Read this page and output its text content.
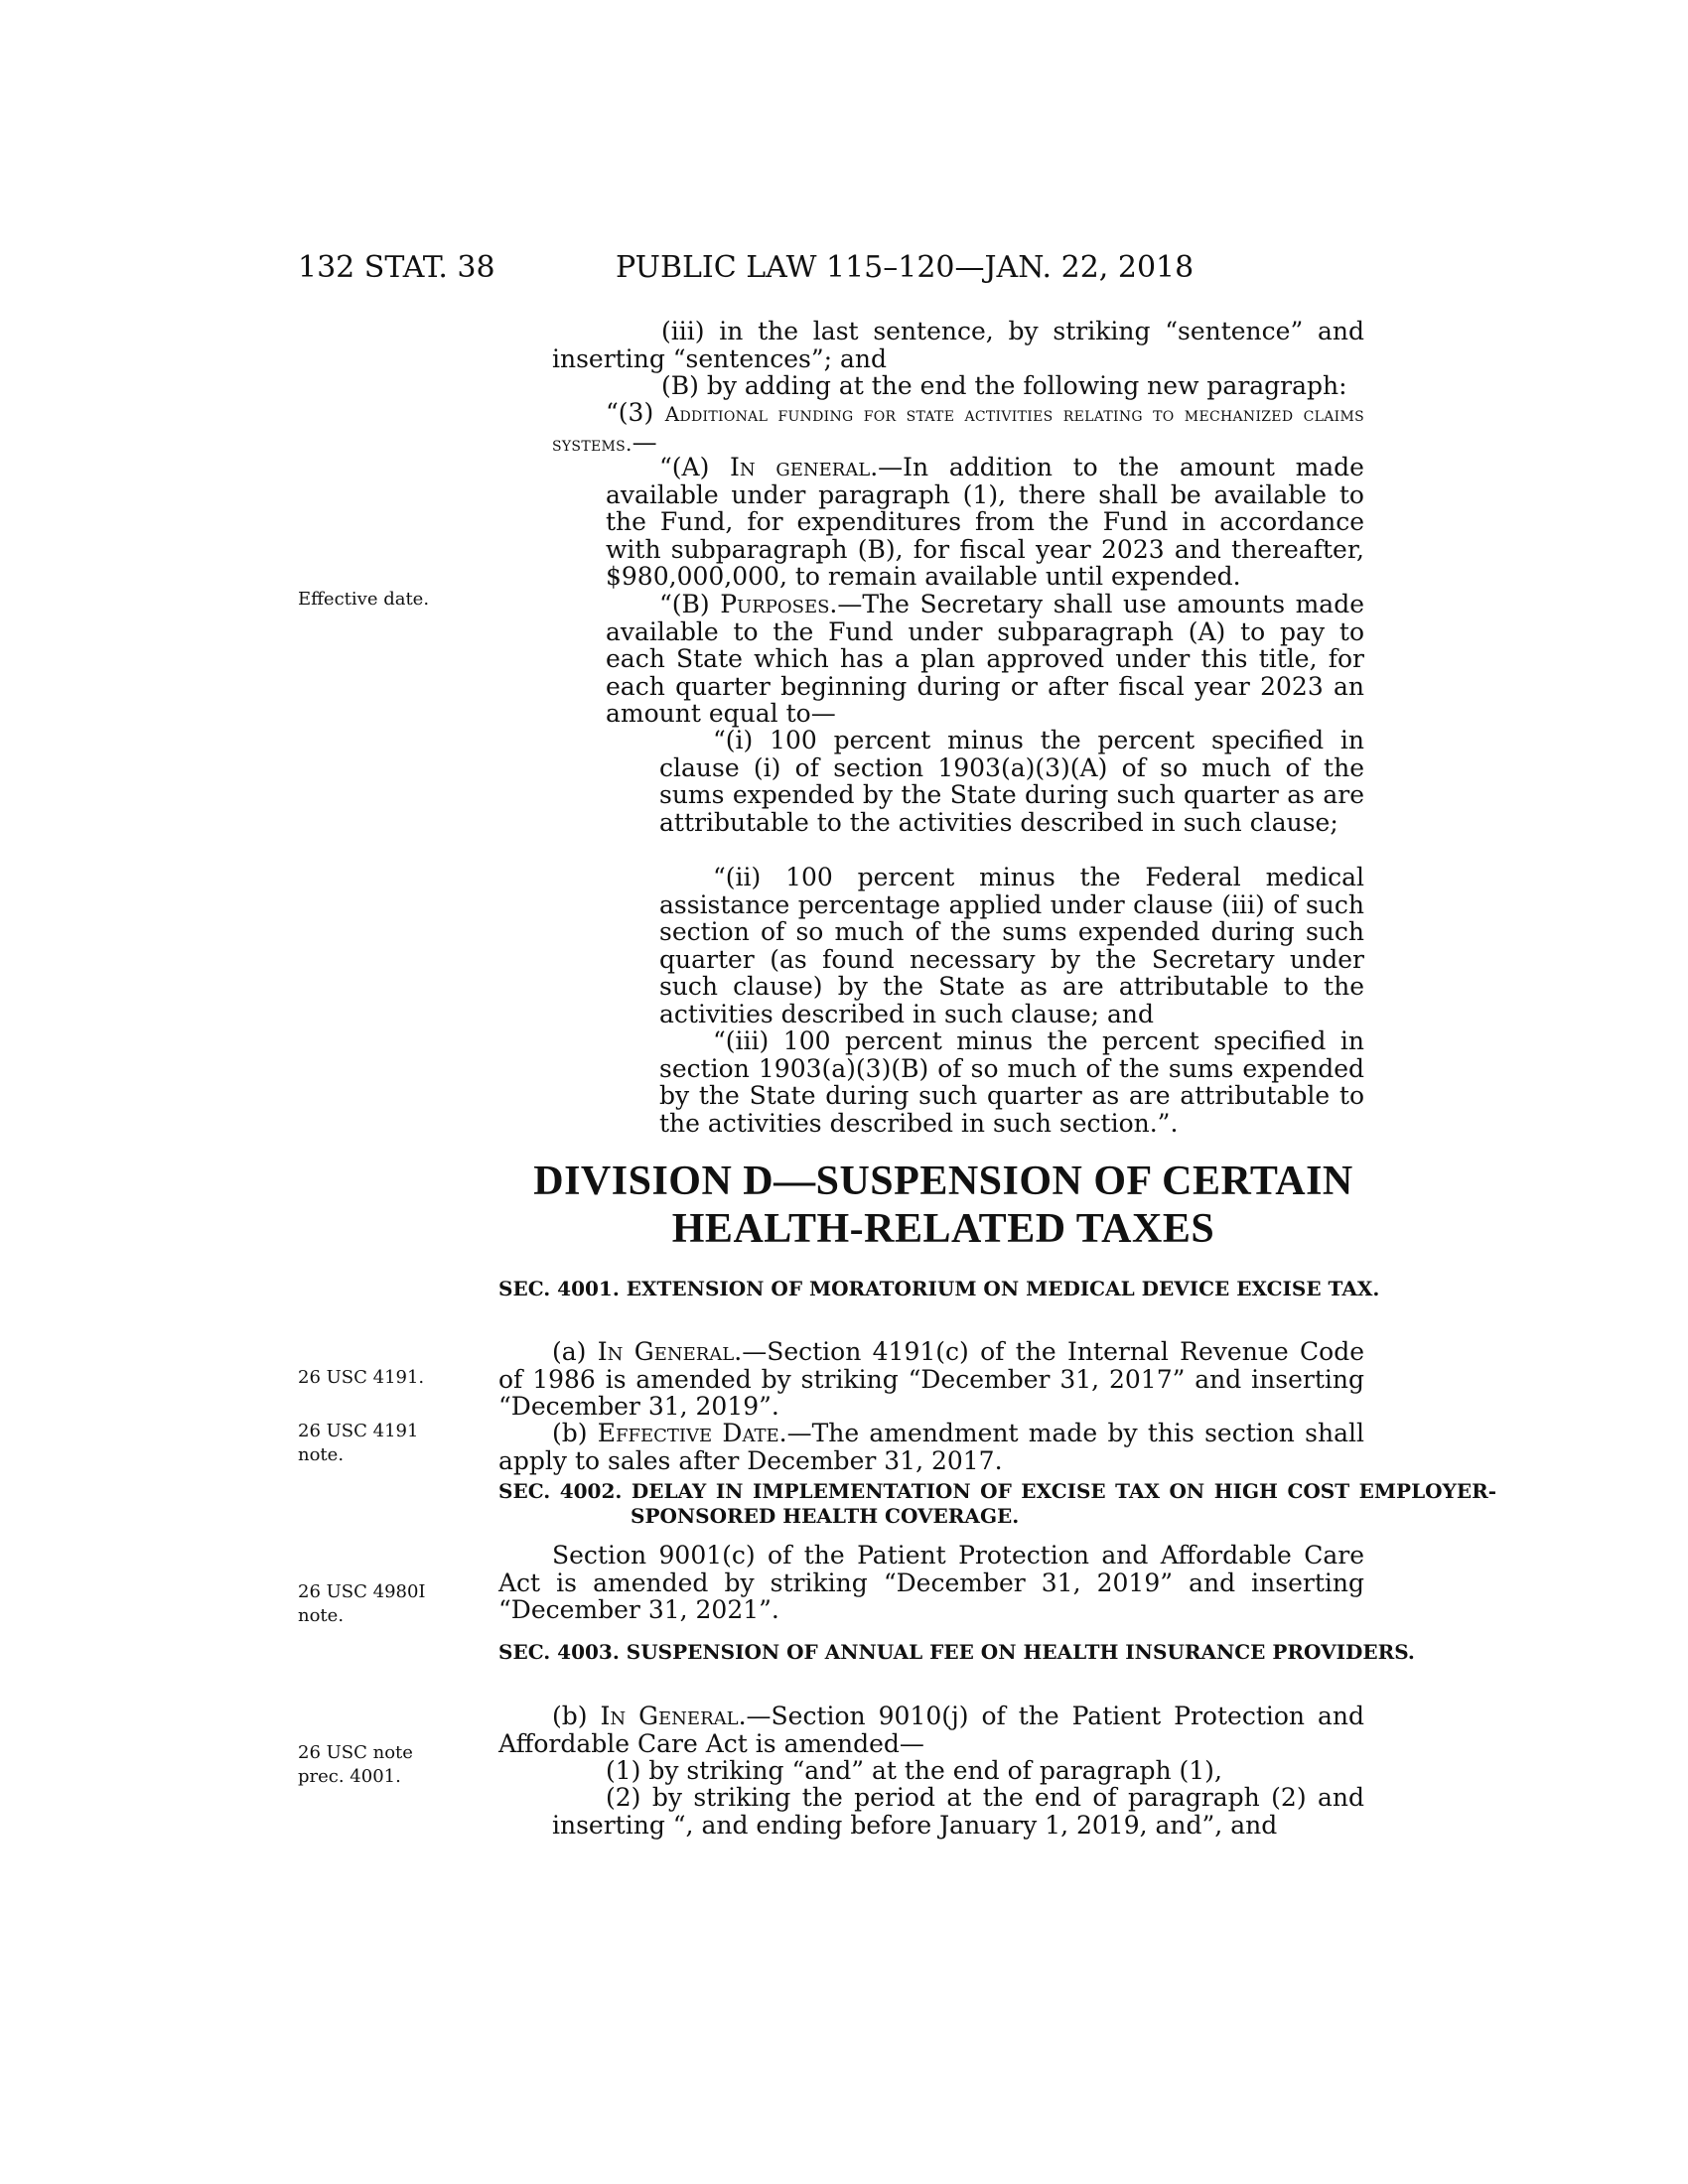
132 STAT. 38	PUBLIC LAW 115–120—JAN. 22, 2018
Effective date.
26 USC 4191.
26 USC 4191 note.
26 USC 4980I note.
26 USC note prec. 4001.
(iii) in the last sentence, by striking “sentence” and inserting “sentences”; and
(B) by adding at the end the following new paragraph:
“(3) Additional funding for state activities relating to mechanized claims systems.—
“(A) In general.—In addition to the amount made available under paragraph (1), there shall be available to the Fund, for expenditures from the Fund in accordance with subparagraph (B), for fiscal year 2023 and thereafter, $980,000,000, to remain available until expended.
“(B) Purposes.—The Secretary shall use amounts made available to the Fund under subparagraph (A) to pay to each State which has a plan approved under this title, for each quarter beginning during or after fiscal year 2023 an amount equal to—
“(i) 100 percent minus the percent specified in clause (i) of section 1903(a)(3)(A) of so much of the sums expended by the State during such quarter as are attributable to the activities described in such clause;
“(ii) 100 percent minus the Federal medical assistance percentage applied under clause (iii) of such section of so much of the sums expended during such quarter (as found necessary by the Secretary under such clause) by the State as are attributable to the activities described in such clause; and
“(iii) 100 percent minus the percent specified in section 1903(a)(3)(B) of so much of the sums expended by the State during such quarter as are attributable to the activities described in such section.”.
DIVISION D—SUSPENSION OF CERTAIN
HEALTH-RELATED TAXES
SEC. 4001. EXTENSION OF MORATORIUM ON MEDICAL DEVICE EXCISE TAX.
(a) In General.—Section 4191(c) of the Internal Revenue Code of 1986 is amended by striking “December 31, 2017” and inserting “December 31, 2019”.
(b) Effective Date.—The amendment made by this section shall apply to sales after December 31, 2017.
SEC. 4002. DELAY IN IMPLEMENTATION OF EXCISE TAX ON HIGH COST EMPLOYER-SPONSORED HEALTH COVERAGE.
Section 9001(c) of the Patient Protection and Affordable Care Act is amended by striking “December 31, 2019” and inserting “December 31, 2021”.
SEC. 4003. SUSPENSION OF ANNUAL FEE ON HEALTH INSURANCE PROVIDERS.
(b) In General.—Section 9010(j) of the Patient Protection and Affordable Care Act is amended—
(1) by striking “and” at the end of paragraph (1),
(2) by striking the period at the end of paragraph (2) and inserting “, and ending before January 1, 2019, and”, and
